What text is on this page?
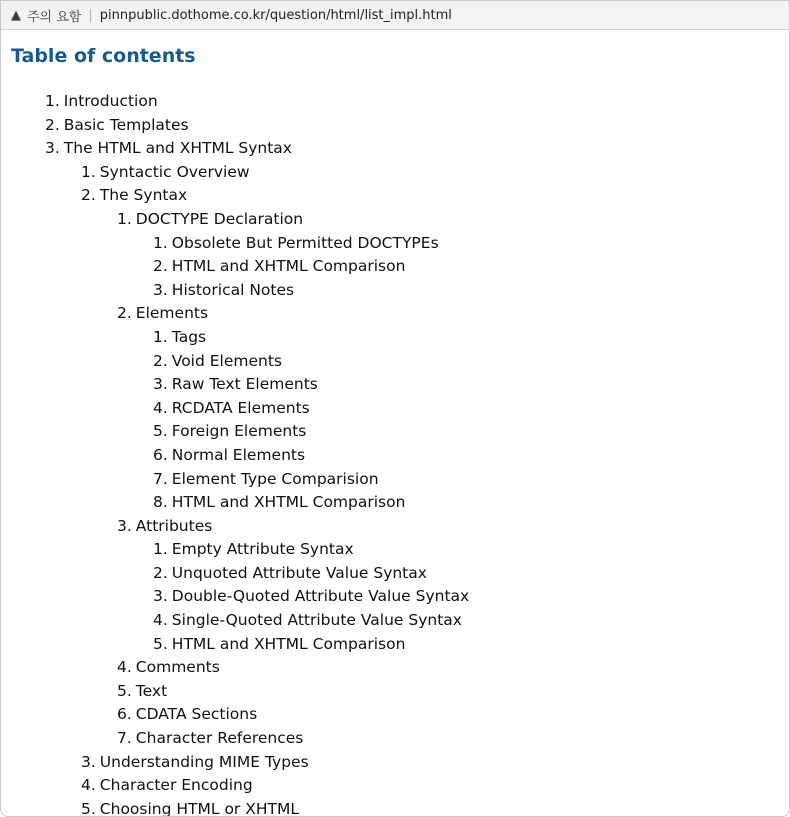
▲ 주의 요함 | pinnpublic.dothome.co.kr/question/html/list_impl.html
Table of contents
1. Introduction
2. Basic Templates
3. The HTML and XHTML Syntax
1. Syntactic Overview
2. The Syntax
1. DOCTYPE Declaration
1. Obsolete But Permitted DOCTYPEs
2. HTML and XHTML Comparison
3. Historical Notes
2. Elements
1. Tags
2. Void Elements
3. Raw Text Elements
4. RCDATA Elements
5. Foreign Elements
6. Normal Elements
7. Element Type Comparision
8. HTML and XHTML Comparison
3. Attributes
1. Empty Attribute Syntax
2. Unquoted Attribute Value Syntax
3. Double-Quoted Attribute Value Syntax
4. Single-Quoted Attribute Value Syntax
5. HTML and XHTML Comparison
4. Comments
5. Text
6. CDATA Sections
7. Character References
3. Understanding MIME Types
4. Character Encoding
5. Choosing HTML or XHTML
